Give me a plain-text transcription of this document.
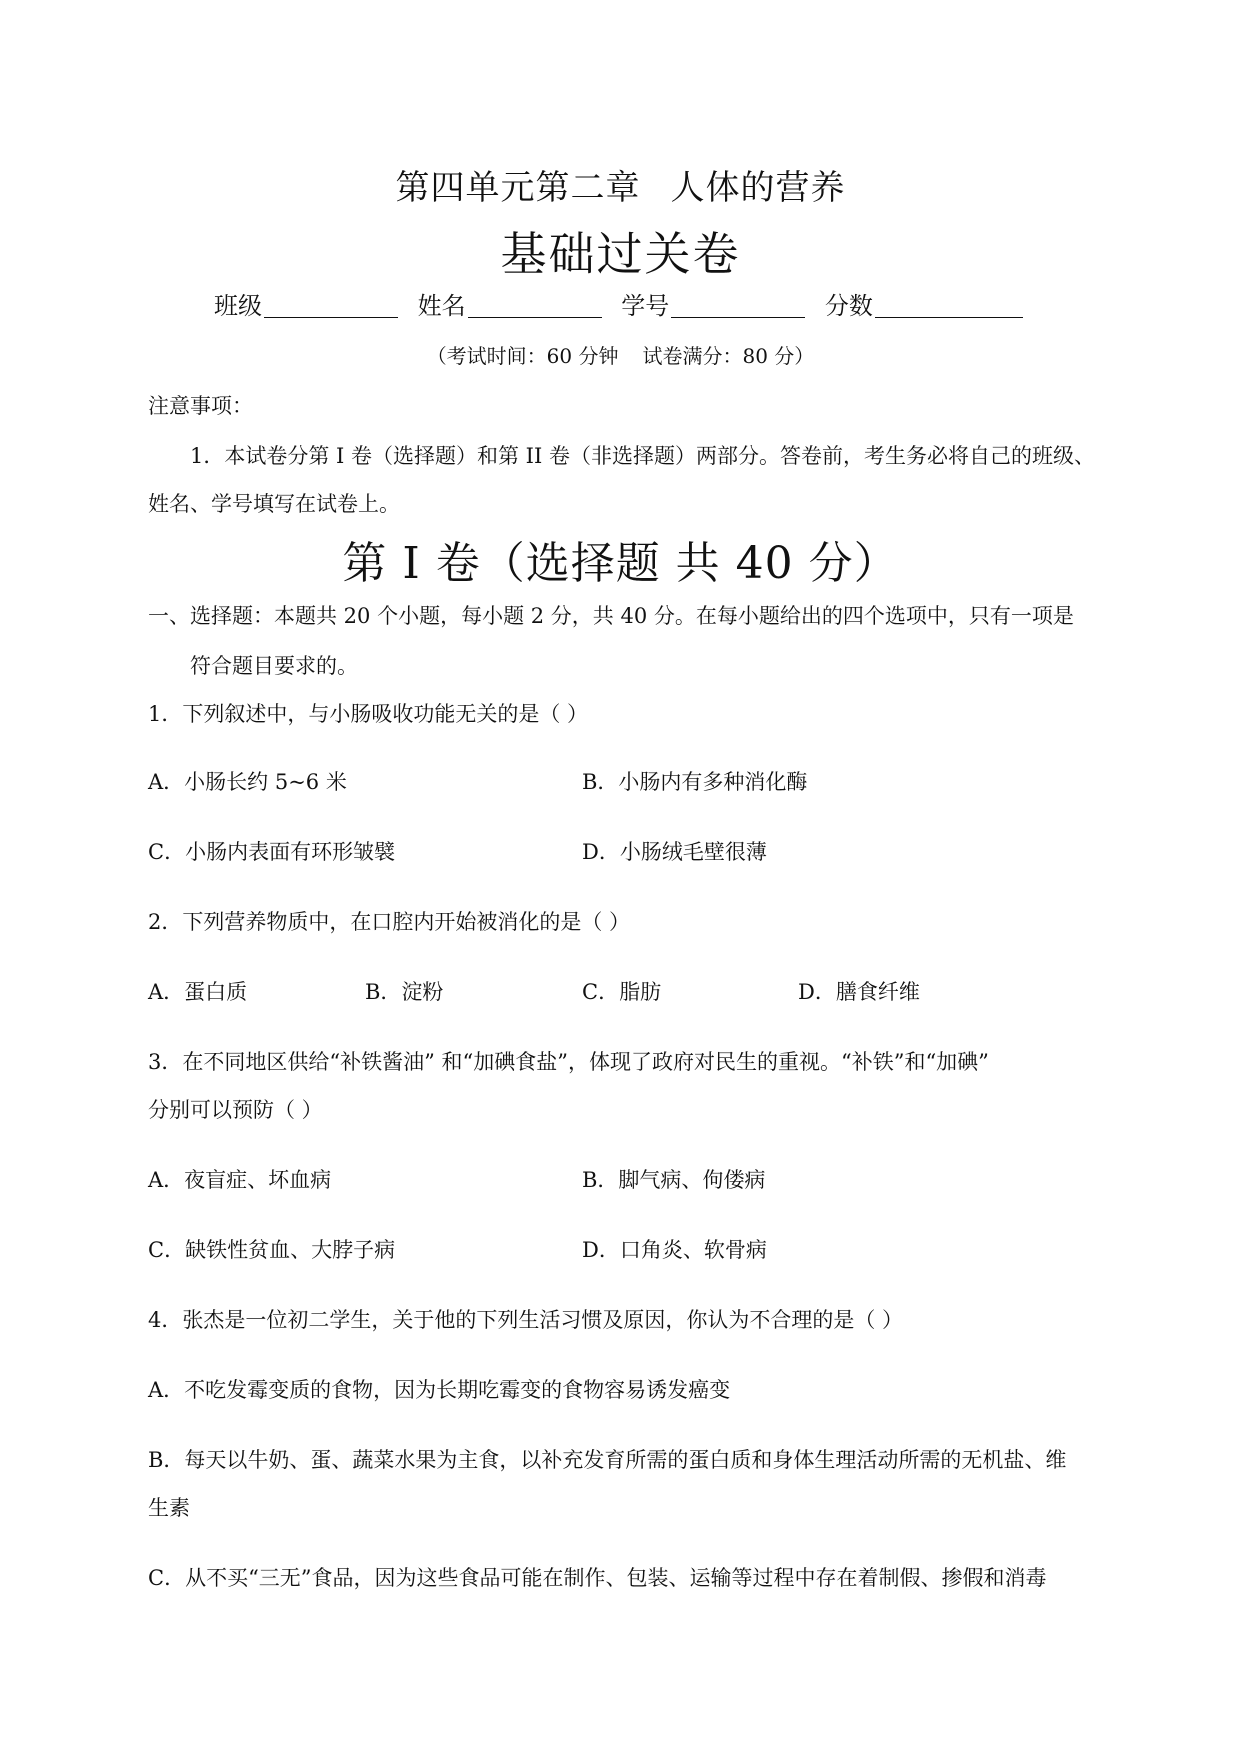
第四单元第二章 人体的营养
基础过关卷
班级	姓名	学号	分数
（考试时间：60 分钟 试卷满分：80 分）
注意事项：
1．本试卷分第 I 卷（选择题）和第 II 卷（非选择题）两部分。答卷前，考生务必将自己的班级、
姓名、学号填写在试卷上。
第 I 卷（选择题 共 40 分）
一、选择题：本题共 20 个小题，每小题 2 分，共 40 分。在每小题给出的四个选项中，只有一项是
符合题目要求的。
1．下列叙述中，与小肠吸收功能无关的是（ ）
A．小肠长约 5~6 米	B．小肠内有多种消化酶
C．小肠内表面有环形皱襞	D．小肠绒毛壁很薄
2．下列营养物质中，在口腔内开始被消化的是（ ）
A．蛋白质	B．淀粉	C．脂肪	D．膳食纤维
3．在不同地区供给“补铁酱油” 和“加碘食盐”，体现了政府对民生的重视。“补铁”和“加碘”
分别可以预防（ ）
A．夜盲症、坏血病	B．脚气病、佝偻病
C．缺铁性贫血、大脖子病	D．口角炎、软骨病
4．张杰是一位初二学生，关于他的下列生活习惯及原因，你认为不合理的是（ ）
A．不吃发霉变质的食物，因为长期吃霉变的食物容易诱发癌变
B．每天以牛奶、蛋、蔬菜水果为主食，以补充发育所需的蛋白质和身体生理活动所需的无机盐、维
生素
C．从不买“三无”食品，因为这些食品可能在制作、包装、运输等过程中存在着制假、掺假和消毒
